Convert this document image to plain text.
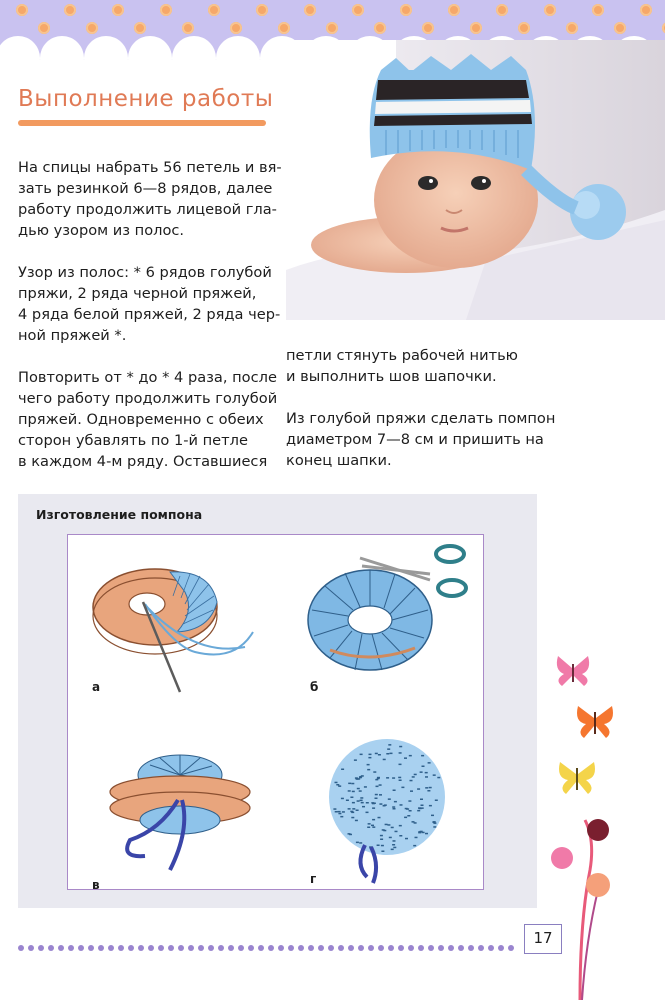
Выполнение работы
На спицы набрать 56 петель и вя-
зать резинкой 6—8 рядов, далее
работу продолжить лицевой гла-
дью узором из полос.
Узор из полос: * 6 рядов голубой
пряжи, 2 ряда черной пряжей,
4 ряда белой пряжей, 2 ряда чер-
ной пряжей *.
Повторить от * до * 4 раза, после
чего работу продолжить голубой
пряжей. Одновременно с обеих
сторон убавлять по 1-й петле
в каждом 4-м ряду. Оставшиеся
петли стянуть рабочей нитью
и выполнить шов шапочки.
Из голубой пряжи сделать помпон
диаметром 7—8 см и пришить на
конец шапки.
Изготовление помпона
а	б
в	г
17
